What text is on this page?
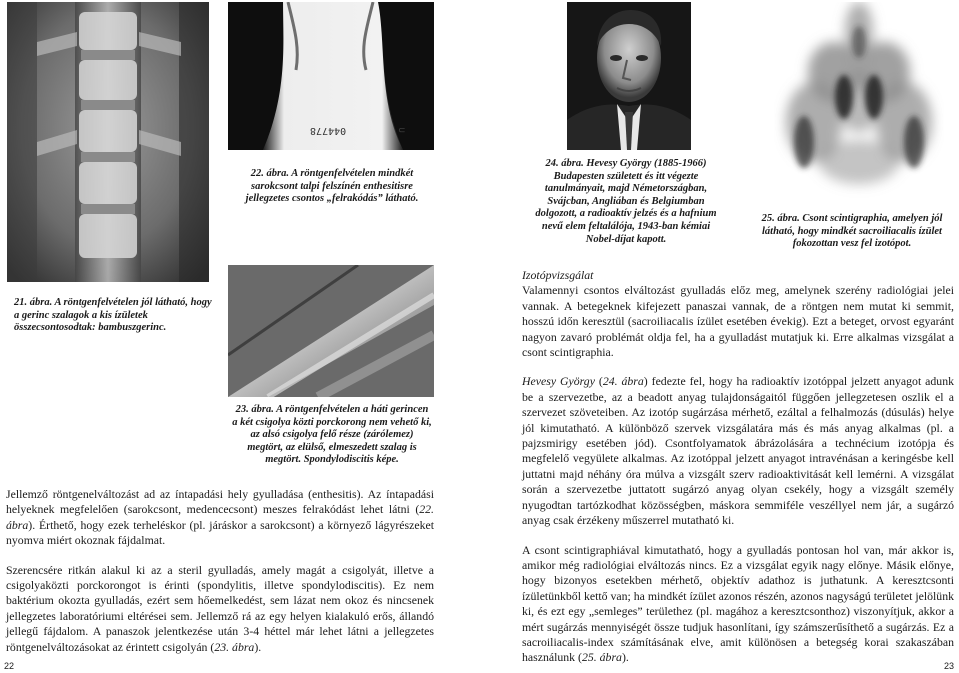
044778	⊂
22. ábra. A röntgenfelvételen mindkét sarokcsont talpi felszínén enthesitisre jellegzetes csontos „felrakódás” látható.
21. ábra. A röntgenfelvételen jól látható, hogy a gerinc szalagok a kis ízületek összecsontosodtak: bambuszgerinc.
23. ábra. A röntgenfelvételen a háti gerincen a két csigolya közti porckorong nem vehető ki, az alsó csigolya felő része (zárólemez) megtört, az elülső, elmeszedett szalag is megtört. Spondylodiscitis képe.

Jellemző röntgenelváltozást ad az íntapadási hely gyulladása (enthesitis). Az íntapadási helyeknek megfelelően (sarokcsont, medencecsont) meszes felrakódást lehet látni (22. ábra). Érthető, hogy ezek terheléskor (pl. járáskor a sarokcsont) a környező lágyrészeket nyomva miért okoznak fájdalmat.

Szerencsére ritkán alakul ki az a steril gyulladás, amely magát a csigolyát, illetve a csigolyaközti porckorongot is érinti (spondylitis, illetve spondylodiscitis). Ez nem baktérium okozta gyulladás, ezért sem hőemelkedést, sem lázat nem okoz és nincsenek jellegzetes laboratóriumi eltérései sem. Jellemző rá az egy helyen kialakuló erős, állandó jellegű fájdalom. A panaszok jelentkezése után 3-4 héttel már lehet látni a jellegzetes röntgenelváltozásokat az érintett csigolyán (23. ábra).

22
24. ábra. Hevesy György (1885-1966) Budapesten született és itt végezte tanulmányait, majd Németországban, Svájcban, Angliában és Belgiumban dolgozott, a radioaktív jelzés és a hafnium nevű elem feltalálója, 1943-ban kémiai Nobel-díjat kapott.
25. ábra. Csont scintigraphia, amelyen jól látható, hogy mindkét sacroiliacalis ízület fokozottan vesz fel izotópot.
Izotópvizsgálat

Valamennyi csontos elváltozást gyulladás előz meg, amelynek szerény radiológiai jelei vannak. A betegeknek kifejezett panaszai vannak, de a röntgen nem mutat ki semmit, hosszú időn keresztül (sacroiliacalis ízület esetében évekig). Ezt a beteget, orvost egyaránt nagyon zavaró problémát oldja fel, ha a gyulladást mutatjuk ki. Erre alkalmas vizsgálat a csont scintigraphia.

Hevesy György (24. ábra) fedezte fel, hogy ha radioaktív izotóppal jelzett anyagot adunk be a szervezetbe, az a beadott anyag tulajdonságaitól függően jellegzetesen oszlik el a szervezet szöveteiben. Az izotóp sugárzása mérhető, ezáltal a felhalmozás (dúsulás) helye jól kimutatható. A különböző szervek vizsgálatára más és más anyag alkalmas (pl. a pajzsmirigy esetében jód). Csontfolyamatok ábrázolására a technécium izotópja és megfelelő vegyülete alkalmas. Az izotóppal jelzett anyagot intravénásan a keringésbe kell juttatni majd néhány óra múlva a vizsgált szerv radioaktivitását kell lemérni. A vizsgálat során a szervezetbe juttatott sugárzó anyag olyan csekély, hogy a vizsgált személy nyugodtan tartózkodhat közösségben, máskora semmiféle veszéllyel nem jár, a sugárzó anyag csak érzékeny műszerrel mutatható ki.

A csont scintigraphiával kimutatható, hogy a gyulladás pontosan hol van, már akkor is, amikor még radiológiai elváltozás nincs. Ez a vizsgálat egyik nagy előnye. Másik előnye, hogy bizonyos esetekben mérhető, objektív adathoz is juthatunk. A keresztcsonti ízületünkből kettő van; ha mindkét ízület azonos részén, azonos nagyságú területet jelölünk ki, és ezt egy „semleges” területhez (pl. magához a keresztcsonthoz) viszonyítjuk, akkor a mért sugárzás mennyiségét össze tudjuk hasonlítani, így számszerűsíthető a sugárzás. Ez a sacroiliacalis-index számításának elve, amit különösen a betegség korai szakaszában használunk (25. ábra).

23
